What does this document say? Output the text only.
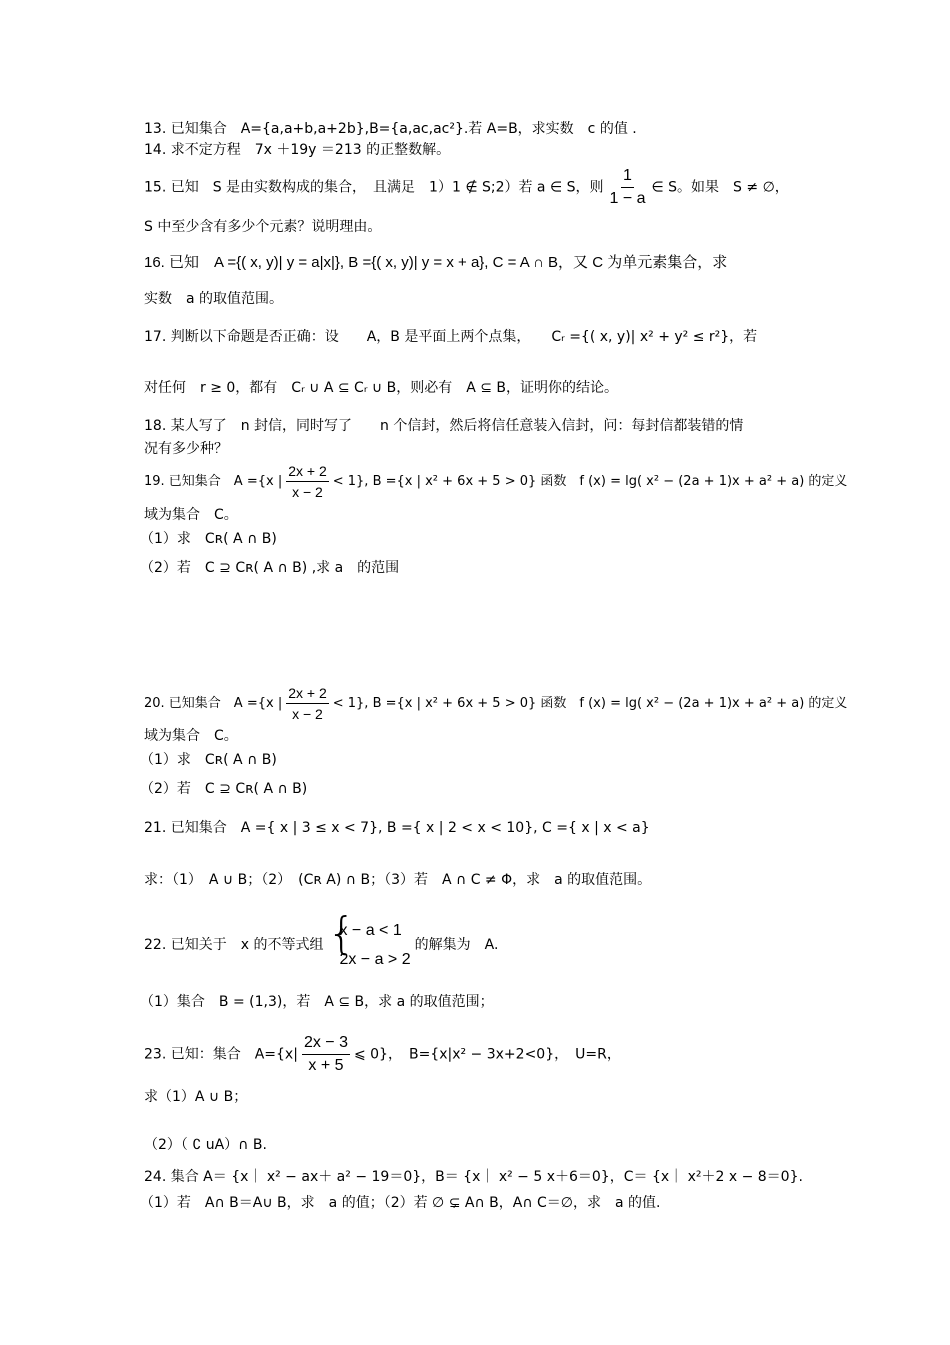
13. 已知集合　A={a,a+b,a+2b},B={a,ac,ac²}.若 A=B，求实数　c 的值 .
14. 求不定方程　7x ＋19y ＝213 的正整数解。
15. 已知　S 是由实数构成的集合，　且满足　1）1 ∉ S;2）若 a ∈ S，则 $\frac{1}{1 - a}$ ∈ S。如果　S ≠ ∅，
S 中至少含有多少个元素？说明理由。
16. 已知　A ={( x, y)| y = a|x|}, B ={( x, y)| y = x + a}, C = A ∩ B，又 C 为单元素集合，求
实数　a 的取值范围。
17. 判断以下命题是否正确：设　　A，B 是平面上两个点集，　　Cᵣ ={( x, y)| x² + y² ≤ r²}，若
对任何　r ≥ 0，都有　Cᵣ ∪ A ⊆ Cᵣ ∪ B，则必有　A ⊆ B，证明你的结论。
18. 某人写了　n 封信，同时写了　　n 个信封，然后将信任意装入信封，问：每封信都装错的情
况有多少种？
19. 已知集合　A ={x | $\frac{2x + 2}{x - 2} < 1$}, B ={x | x² + 6x + 5 > 0} 函数　f (x) = lg( x² − (2a + 1)x + a² + a) 的定义
域为集合　C。
（1）求　Cʀ( A ∩ B)
（2）若　C ⊇ Cʀ( A ∩ B) ,求 a　的范围
20. 已知集合　A ={x | $\frac{2x + 2}{x - 2} < 1$}, B ={x | x² + 6x + 5 > 0} 函数　f (x) = lg( x² − (2a + 1)x + a² + a) 的定义
域为集合　C。
（1）求　Cʀ( A ∩ B)
（2）若　C ⊇ Cʀ( A ∩ B)
21. 已知集合　A ={ x | 3 ≤ x < 7}, B ={ x | 2 < x < 10}, C ={ x | x < a}
求：（1）　A ∪ B；（2）　(Cʀ A) ∩ B；（3）若　A ∩ C ≠ Φ，求　a 的取值范围。
22. 已知关于　x 的不等式组 {
x − a < 1
2x − a > 2
的解集为　A.
（1）集合　B = (1,3)，若　A ⊆ B，求 a 的取值范围；
23. 已知：集合　$A=\{x| \frac{2x - 3}{x + 5}$ ⩽ 0}，　B={x|x² − 3x+2<0}，　U=R，
求（1）A ∪ B；
（2）（ ∁ uA）∩ B.
24. 集合 A＝ {x｜ x² − ax＋ a² − 19＝0}，B＝ {x｜ x² − 5 x＋6＝0}，C＝ {x｜ x²＋2 x − 8＝0}.
（1）若　A∩ B＝A∪ B，求　a 的值；（2）若 ∅ ⊊ A∩ B，A∩ C＝∅，求　a 的值.
